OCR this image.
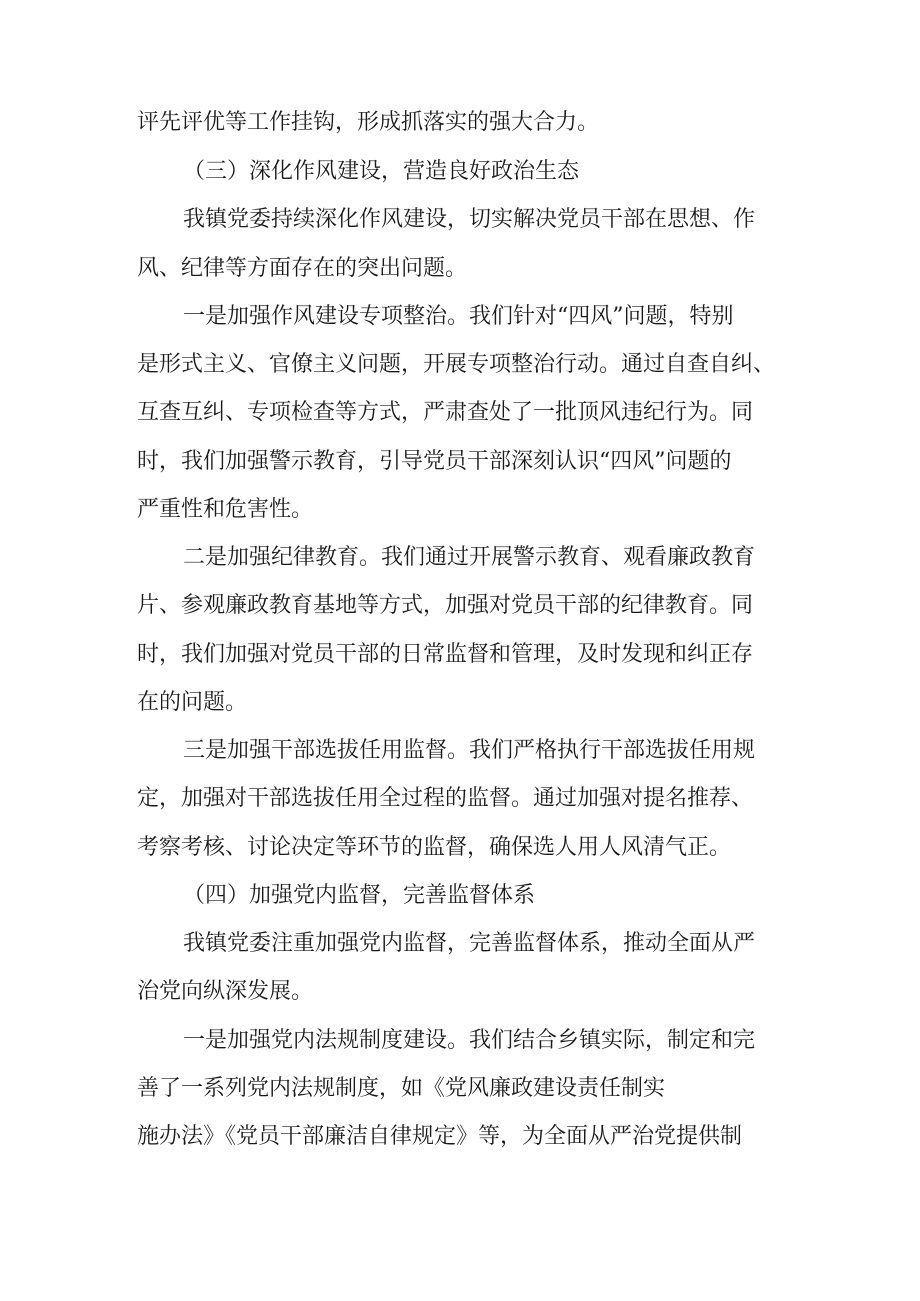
评先评优等工作挂钩，形成抓落实的强大合力。

（三）深化作风建设，营造良好政治生态

我镇党委持续深化作风建设，切实解决党员干部在思想、作

风、纪律等方面存在的突出问题。

一是加强作风建设专项整治。我们针对“四风”问题，特别

是形式主义、官僚主义问题，开展专项整治行动。通过自查自纠、

互查互纠、专项检查等方式，严肃查处了一批顶风违纪行为。同

时，我们加强警示教育，引导党员干部深刻认识“四风”问题的

严重性和危害性。

二是加强纪律教育。我们通过开展警示教育、观看廉政教育

片、参观廉政教育基地等方式，加强对党员干部的纪律教育。同

时，我们加强对党员干部的日常监督和管理，及时发现和纠正存

在的问题。

三是加强干部选拔任用监督。我们严格执行干部选拔任用规

定，加强对干部选拔任用全过程的监督。通过加强对提名推荐、

考察考核、讨论决定等环节的监督，确保选人用人风清气正。

（四）加强党内监督，完善监督体系

我镇党委注重加强党内监督，完善监督体系，推动全面从严

治党向纵深发展。

一是加强党内法规制度建设。我们结合乡镇实际，制定和完

善了一系列党内法规制度，如《党风廉政建设责任制实

施办法》《党员干部廉洁自律规定》等，为全面从严治党提供制
